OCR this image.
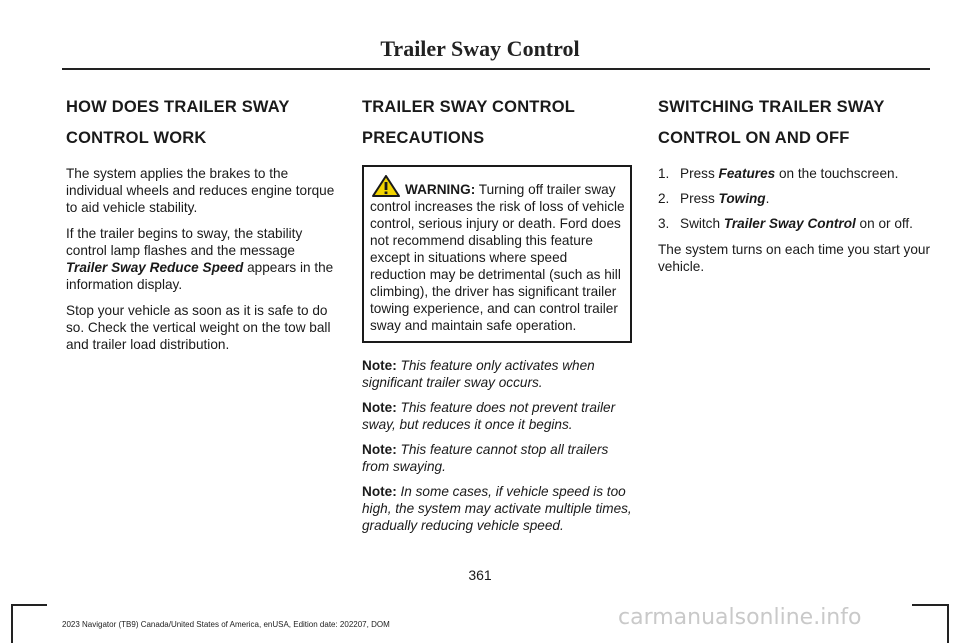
Trailer Sway Control
HOW DOES TRAILER SWAY
CONTROL WORK

The system applies the brakes to the individual wheels and reduces engine torque to aid vehicle stability.

If the trailer begins to sway, the stability control lamp flashes and the message Trailer Sway Reduce Speed appears in the information display.

Stop your vehicle as soon as it is safe to do so. Check the vertical weight on the tow ball and trailer load distribution.

TRAILER SWAY CONTROL
PRECAUTIONS
WARNING: Turning off trailer sway control increases the risk of loss of vehicle control, serious injury or death. Ford does not recommend disabling this feature except in situations where speed reduction may be detrimental (such as hill climbing), the driver has significant trailer towing experience, and can control trailer sway and maintain safe operation.

Note: This feature only activates when significant trailer sway occurs.

Note: This feature does not prevent trailer sway, but reduces it once it begins.

Note: This feature cannot stop all trailers from swaying.

Note: In some cases, if vehicle speed is too high, the system may activate multiple times, gradually reducing vehicle speed.

SWITCHING TRAILER SWAY
CONTROL ON AND OFF
1. Press Features on the touchscreen.
2. Press Towing.
3. Switch Trailer Sway Control on or off.

The system turns on each time you start your vehicle.

361
2023 Navigator (TB9) Canada/United States of America, enUSA, Edition date: 202207, DOM	carmanualsonline.info
